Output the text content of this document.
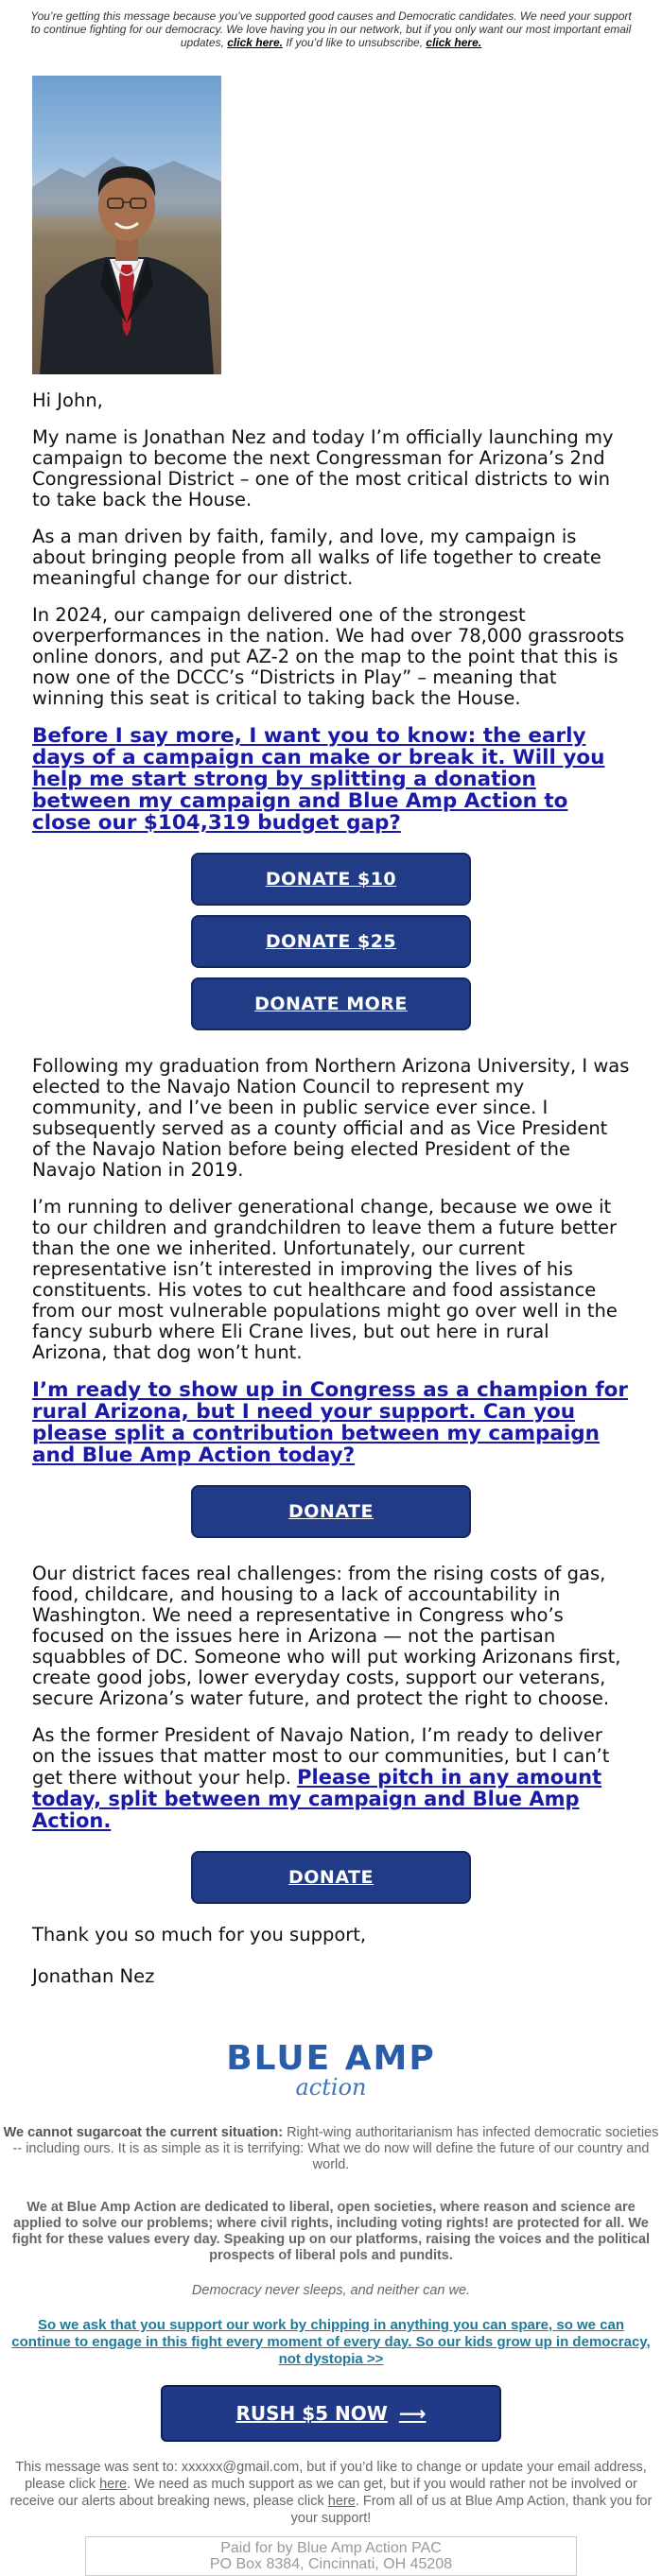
You’re getting this message because you’ve supported good causes and Democratic candidates. We need your support to continue fighting for our democracy. We love having you in our network, but if you only want our most important email updates, click here. If you’d like to unsubscribe, click here.

Hi John,

My name is Jonathan Nez and today I’m officially launching my campaign to become the next Congressman for Arizona’s 2nd Congressional District – one of the most critical districts to win to take back the House.

As a man driven by faith, family, and love, my campaign is about bringing people from all walks of life together to create meaningful change for our district.

In 2024, our campaign delivered one of the strongest overperformances in the nation. We had over 78,000 grassroots online donors, and put AZ-2 on the map to the point that this is now one of the DCCC’s “Districts in Play” – meaning that winning this seat is critical to taking back the House.

Before I say more, I want you to know: the early days of a campaign can make or break it. Will you help me start strong by splitting a donation between my campaign and Blue Amp Action to close our $104,319 budget gap?
DONATE $10
DONATE $25
DONATE MORE

Following my graduation from Northern Arizona University, I was elected to the Navajo Nation Council to represent my community, and I’ve been in public service ever since. I subsequently served as a county official and as Vice President of the Navajo Nation before being elected President of the Navajo Nation in 2019.

I’m running to deliver generational change, because we owe it to our children and grandchildren to leave them a future better than the one we inherited. Unfortunately, our current representative isn’t interested in improving the lives of his constituents. His votes to cut healthcare and food assistance from our most vulnerable populations might go over well in the fancy suburb where Eli Crane lives, but out here in rural Arizona, that dog won’t hunt.

I’m ready to show up in Congress as a champion for rural Arizona, but I need your support. Can you please split a contribution between my campaign and Blue Amp Action today?
DONATE

Our district faces real challenges: from the rising costs of gas, food, childcare, and housing to a lack of accountability in Washington. We need a representative in Congress who’s focused on the issues here in Arizona — not the partisan squabbles of DC. Someone who will put working Arizonans first, create good jobs, lower everyday costs, support our veterans, secure Arizona’s water future, and protect the right to choose.

As the former President of Navajo Nation, I’m ready to deliver on the issues that matter most to our communities, but I can’t get there without your help. Please pitch in any amount today, split between my campaign and Blue Amp Action.

DONATE

Thank you so much for you support,

Jonathan Nez

BLUE AMP
action

We cannot sugarcoat the current situation: Right-wing authoritarianism has infected democratic societies -- including ours. It is as simple as it is terrifying: What we do now will define the future of our country and world.

We at Blue Amp Action are dedicated to liberal, open societies, where reason and science are applied to solve our problems; where civil rights, including voting rights! are protected for all. We fight for these values every day. Speaking up on our platforms, raising the voices and the political prospects of liberal pols and pundits.

Democracy never sleeps, and neither can we.

So we ask that you support our work by chipping in anything you can spare, so we can continue to engage in this fight every moment of every day. So our kids grow up in democracy, not dystopia >>
RUSH $5 NOW ⟶

This message was sent to: xxxxxx@gmail.com, but if you’d like to change or update your email address, please click here. We need as much support as we can get, but if you would rather not be involved or receive our alerts about breaking news, please click here. From all of us at Blue Amp Action, thank you for your support!

Paid for by Blue Amp Action PAC
PO Box 8384, Cincinnati, OH 45208
